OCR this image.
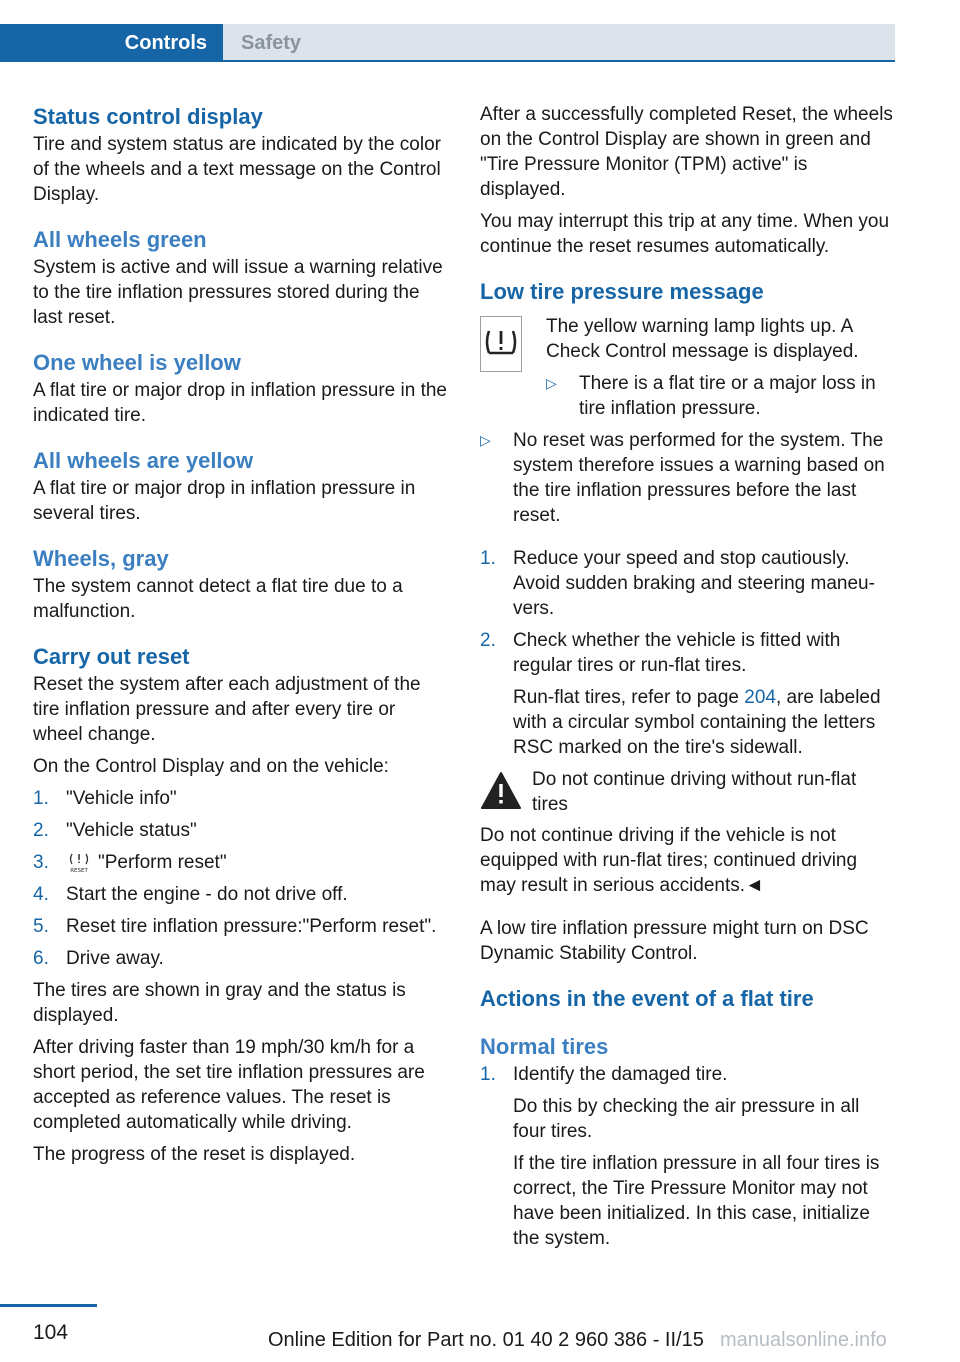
Controls	Safety
Status control display

Tire and system status are indicated by the color of the wheels and a text message on the Control Display.

All wheels green

System is active and will issue a warning relative to the tire inflation pressures stored during the last reset.

One wheel is yellow

A flat tire or major drop in inflation pressure in the indicated tire.

All wheels are yellow

A flat tire or major drop in inflation pressure in several tires.

Wheels, gray

The system cannot detect a flat tire due to a malfunction.

Carry out reset

Reset the system after each adjustment of the tire inflation pressure and after every tire or wheel change.

On the Control Display and on the vehicle:

1. "Vehicle info"
2. "Vehicle status"
3.	RESET "Perform reset"
4. Start the engine - do not drive off.
5. Reset tire inflation pressure:"Perform reset".
6. Drive away.

The tires are shown in gray and the status is displayed.

After driving faster than 19 mph/30 km/h for a short period, the set tire inflation pressures are accepted as reference values. The reset is completed automatically while driving.

The progress of the reset is displayed.

After a successfully completed Reset, the wheels on the Control Display are shown in green and "Tire Pressure Monitor (TPM) active" is displayed.

You may interrupt this trip at any time. When you continue the reset resumes automatically.

Low tire pressure message

The yellow warning lamp lights up. A Check Control message is displayed.

▷	There is a flat tire or a major loss in tire inflation pressure.
▷	No reset was performed for the system. The system therefore issues a warning based on the tire inflation pressures before the last reset.
1. Reduce your speed and stop cautiously. Avoid sudden braking and steering maneuvers.
2. Check whether the vehicle is fitted with regular tires or run-flat tires.

Run-flat tires, refer to page 204, are labeled with a circular symbol containing the letters RSC marked on the tire's sidewall.

Do not continue driving without run-flat tires

Do not continue driving if the vehicle is not equipped with run-flat tires; continued driving may result in serious accidents.◄

A low tire inflation pressure might turn on DSC Dynamic Stability Control.

Actions in the event of a flat tire
Normal tires
1. Identify the damaged tire.

Do this by checking the air pressure in all four tires.

If the tire inflation pressure in all four tires is correct, the Tire Pressure Monitor may not have been initialized. In this case, initialize the system.

104	Online Edition for Part no. 01 40 2 960 386 - II/15 manualsonline.info
